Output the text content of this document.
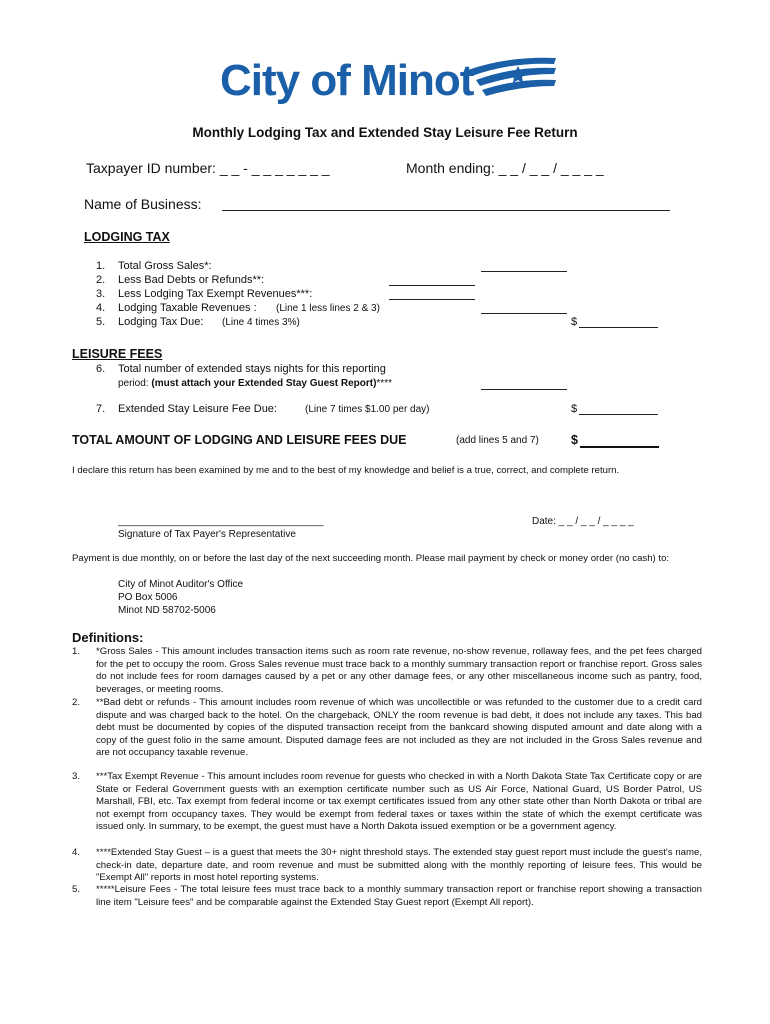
City of Minot
Monthly Lodging Tax and Extended Stay Leisure Fee Return
Taxpayer ID number: _ _ - _ _ _ _ _ _ _	Month ending: _ _ / _ _ / _ _ _ _
Name of Business:
LODGING TAX
1. Total Gross Sales*:
2. Less Bad Debts or Refunds**:
3. Less Lodging Tax Exempt Revenues***:
4. Lodging Taxable Revenues : (Line 1 less lines 2 & 3)
5. Lodging Tax Due: (Line 4 times 3%)	$
LEISURE FEES
6. Total number of extended stays nights for this reporting
period: (must attach your Extended Stay Guest Report)****
7. Extended Stay Leisure Fee Due:	(Line 7 times $1.00 per day)	$
TOTAL AMOUNT OF LODGING AND LEISURE FEES DUE	(add lines 5 and 7)	$
I declare this return has been examined by me and to the best of my knowledge and belief is a true, correct, and complete return.
_______________________________________
Signature of Tax Payer's Representative
Date: _ _ / _ _ / _ _ _ _
Payment is due monthly, on or before the last day of the next succeeding month. Please mail payment by check or money order (no cash) to:
City of Minot Auditor's Office
PO Box 5006
Minot ND 58702-5006
Definitions:
1. *Gross Sales - This amount includes transaction items such as room rate revenue, no-show revenue, rollaway fees, and the pet fees charged for the pet to occupy the room. Gross Sales revenue must trace back to a monthly summary transaction report or franchise report. Gross sales do not include fees for room damages caused by a pet or any other damage fees, or any other miscellaneous income such as pantry, food, beverages, or meeting rooms.
2. **Bad debt or refunds - This amount includes room revenue of which was uncollectible or was refunded to the customer due to a credit card dispute and was charged back to the hotel. On the chargeback, ONLY the room revenue is bad debt, it does not include any taxes. This bad debt must be documented by copies of the disputed transaction receipt from the bankcard showing disputed amount and date along with a copy of the guest folio in the same amount. Disputed damage fees are not included as they are not included in the Gross Sales revenue and are not occupancy taxable revenue.
3. ***Tax Exempt Revenue - This amount includes room revenue for guests who checked in with a North Dakota State Tax Certificate copy or are State or Federal Government guests with an exemption certificate number such as US Air Force, National Guard, US Border Patrol, US Marshall, FBI, etc. Tax exempt from federal income or tax exempt certificates issued from any other state other than North Dakota or tribal are not exempt from occupancy taxes. They would be exempt from federal taxes or taxes within the state of which the exempt certificate was issued only. In summary, to be exempt, the guest must have a North Dakota issued exemption or be a government agency.
4. ****Extended Stay Guest – is a guest that meets the 30+ night threshold stays. The extended stay guest report must include the guest's name, check-in date, departure date, and room revenue and must be submitted along with the monthly reporting of leisure fees. This would be "Exempt All" reports in most hotel reporting systems.
5. *****Leisure Fees - The total leisure fees must trace back to a monthly summary transaction report or franchise report showing a transaction line item "Leisure fees" and be comparable against the Extended Stay Guest report (Exempt All report).
